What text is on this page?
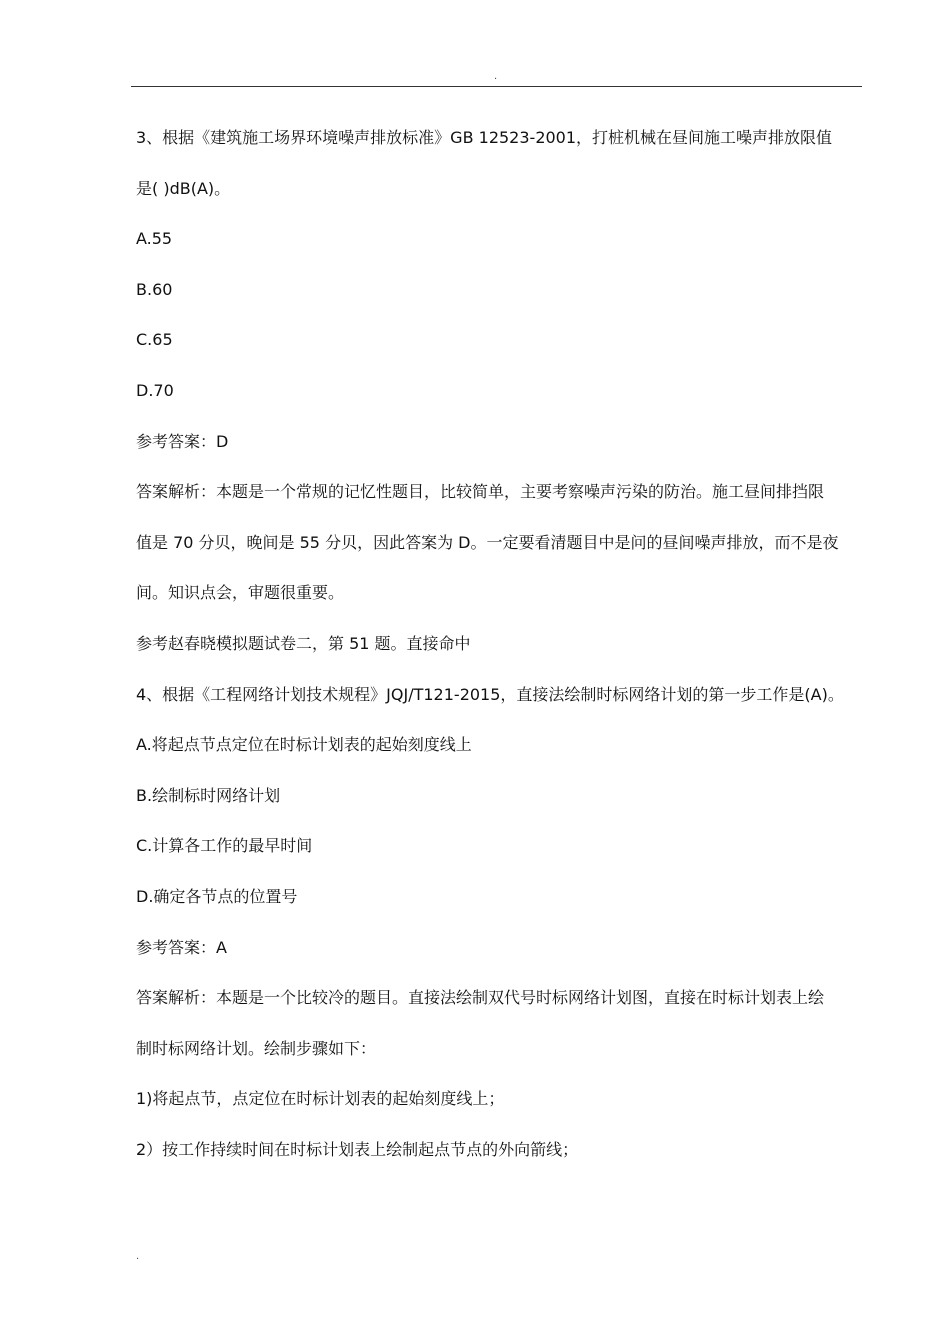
.
3、根据《建筑施工场界环境噪声排放标准》GB 12523-2001，打桩机械在昼间施工噪声排放限值
是( )dB(A)。
A.55
B.60
C.65
D.70
参考答案：D
答案解析：本题是一个常规的记忆性题目，比较简单，主要考察噪声污染的防治。施工昼间排挡限
值是 70 分贝，晚间是 55 分贝，因此答案为 D。一定要看清题目中是问的昼间噪声排放，而不是夜
间。知识点会，审题很重要。
参考赵春晓模拟题试卷二，第 51 题。直接命中
4、根据《工程网络计划技术规程》JQJ/T121-2015，直接法绘制时标网络计划的第一步工作是(A)。
A.将起点节点定位在时标计划表的起始刻度线上
B.绘制标时网络计划
C.计算各工作的最早时间
D.确定各节点的位置号
参考答案：A
答案解析：本题是一个比较冷的题目。直接法绘制双代号时标网络计划图，直接在时标计划表上绘
制时标网络计划。绘制步骤如下：
1)将起点节，点定位在时标计划表的起始刻度线上；
2）按工作持续时间在时标计划表上绘制起点节点的外向箭线；
.
